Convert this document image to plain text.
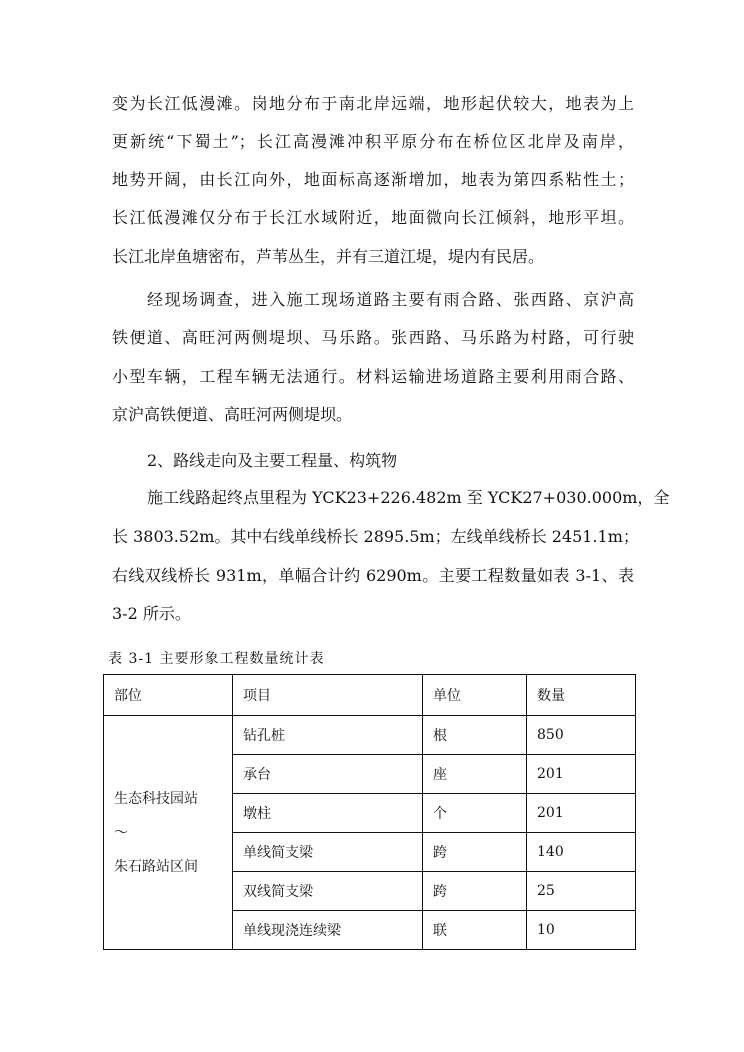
变为长江低漫滩。岗地分布于南北岸远端，地形起伏较大，地表为上
更新统“下蜀土”；长江高漫滩冲积平原分布在桥位区北岸及南岸，
地势开阔，由长江向外，地面标高逐渐增加，地表为第四系粘性土；
长江低漫滩仅分布于长江水域附近，地面微向长江倾斜，地形平坦。
长江北岸鱼塘密布，芦苇丛生，并有三道江堤，堤内有民居。
经现场调查，进入施工现场道路主要有雨合路、张西路、京沪高
铁便道、高旺河两侧堤坝、马乐路。张西路、马乐路为村路，可行驶
小型车辆，工程车辆无法通行。材料运输进场道路主要利用雨合路、
京沪高铁便道、高旺河两侧堤坝。
2、路线走向及主要工程量、构筑物
施工线路起终点里程为 YCK23+226.482m 至 YCK27+030.000m，全
长 3803.52m。其中右线单线桥长 2895.5m；左线单线桥长 2451.1m；
右线双线桥长 931m，单幅合计约 6290m。主要工程数量如表 3-1、表
3-2 所示。
表 3-1 主要形象工程数量统计表
部位	项目	单位	数量

生态科技园站
～
朱石路站区间	钻孔桩	根	850
	承台	座	201
	墩柱	个	201
	单线简支梁	跨	140
	双线简支梁	跨	25
	单线现浇连续梁	联	10
